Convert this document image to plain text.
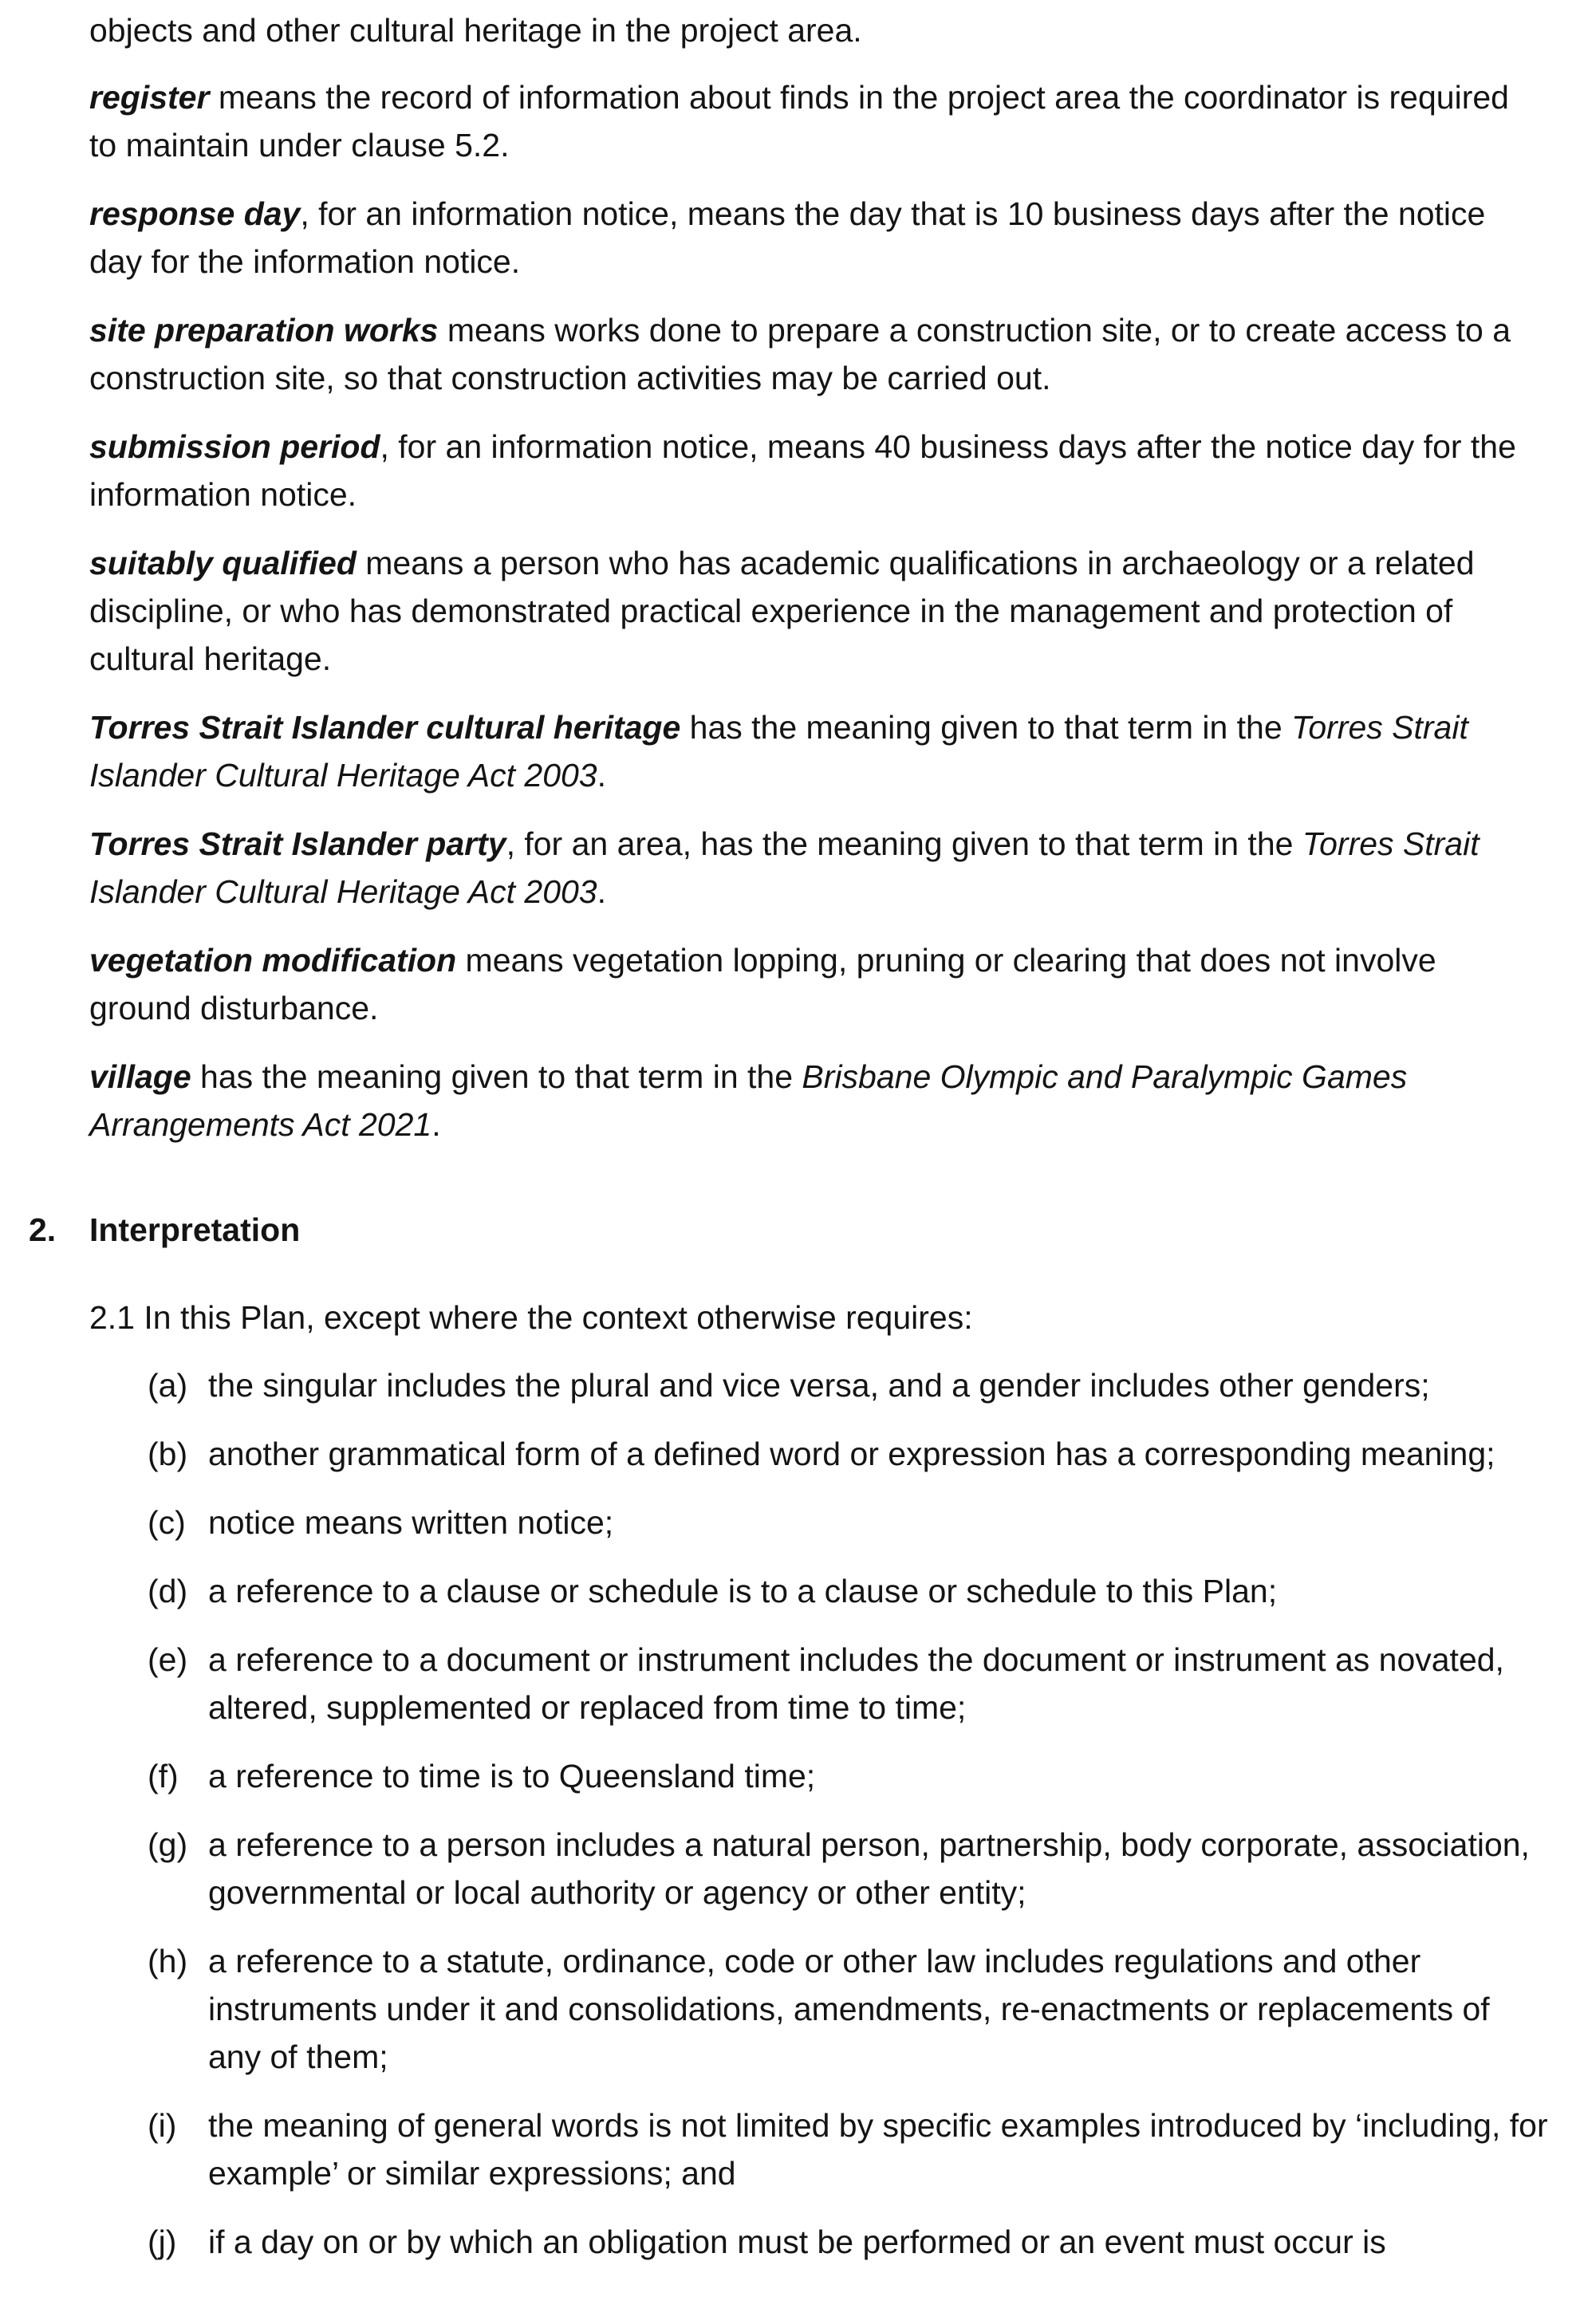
objects and other cultural heritage in the project area.

register means the record of information about finds in the project area the coordinator is required to maintain under clause 5.2.

response day, for an information notice, means the day that is 10 business days after the notice day for the information notice.

site preparation works means works done to prepare a construction site, or to create access to a construction site, so that construction activities may be carried out.

submission period, for an information notice, means 40 business days after the notice day for the information notice.

suitably qualified means a person who has academic qualifications in archaeology or a related discipline, or who has demonstrated practical experience in the management and protection of cultural heritage.

Torres Strait Islander cultural heritage has the meaning given to that term in the Torres Strait Islander Cultural Heritage Act 2003.

Torres Strait Islander party, for an area, has the meaning given to that term in the Torres Strait Islander Cultural Heritage Act 2003.

vegetation modification means vegetation lopping, pruning or clearing that does not involve ground disturbance.

village has the meaning given to that term in the Brisbane Olympic and Paralympic Games Arrangements Act 2021.

2. Interpretation
2.1 In this Plan, except where the context otherwise requires:
(a) the singular includes the plural and vice versa, and a gender includes other genders;
(b) another grammatical form of a defined word or expression has a corresponding meaning;
(c) notice means written notice;
(d) a reference to a clause or schedule is to a clause or schedule to this Plan;
(e) a reference to a document or instrument includes the document or instrument as novated, altered, supplemented or replaced from time to time;
(f) a reference to time is to Queensland time;
(g) a reference to a person includes a natural person, partnership, body corporate, association, governmental or local authority or agency or other entity;
(h) a reference to a statute, ordinance, code or other law includes regulations and other instruments under it and consolidations, amendments, re-enactments or replacements of any of them;
(i) the meaning of general words is not limited by specific examples introduced by ‘including, for example’ or similar expressions; and
(j) if a day on or by which an obligation must be performed or an event must occur is
